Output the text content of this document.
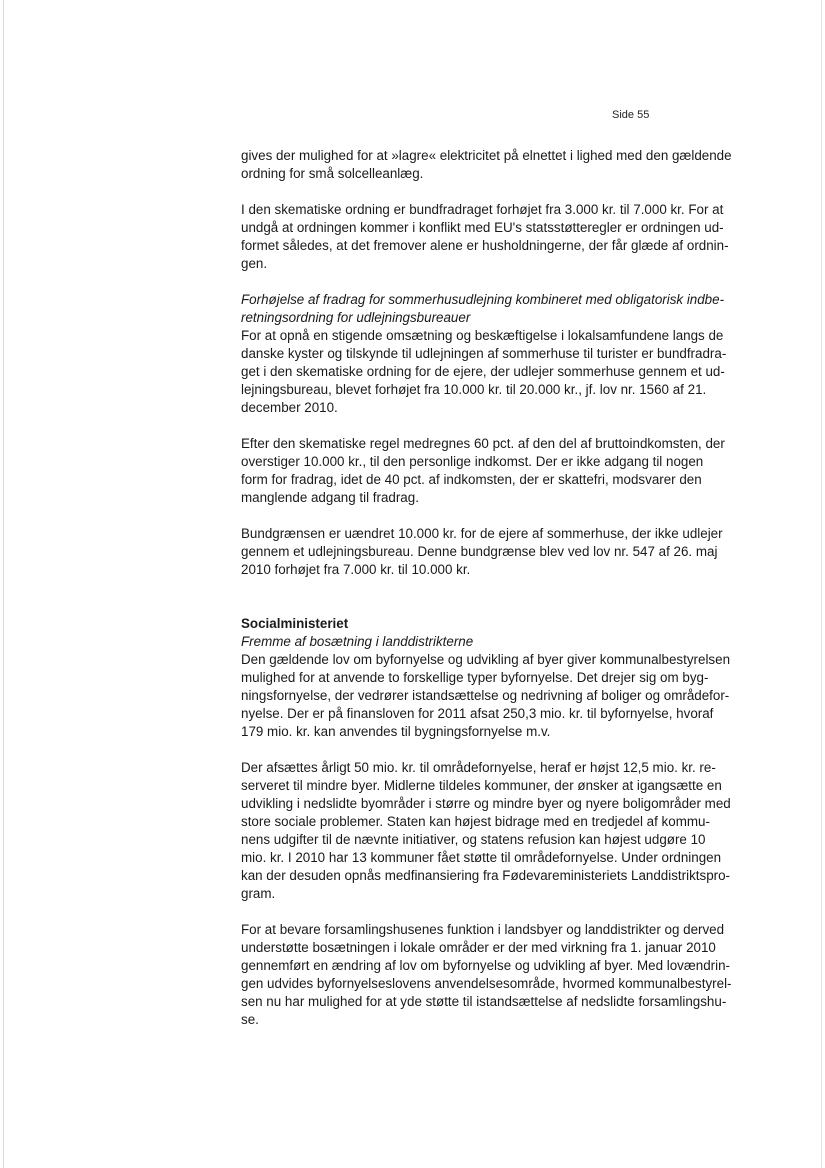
Side 55

gives der mulighed for at »lagre« elektricitet på elnettet i lighed med den gældende
ordning for små solcelleanlæg.

I den skematiske ordning er bundfradraget forhøjet fra 3.000 kr. til 7.000 kr. For at
undgå at ordningen kommer i konflikt med EU's statsstøtteregler er ordningen ud-
formet således, at det fremover alene er husholdningerne, der får glæde af ordnin-
gen.

Forhøjelse af fradrag for sommerhusudlejning kombineret med obligatorisk indbe-
retningsordning for udlejningsbureauer

For at opnå en stigende omsætning og beskæftigelse i lokalsamfundene langs de
danske kyster og tilskynde til udlejningen af sommerhuse til turister er bundfradra-
get i den skematiske ordning for de ejere, der udlejer sommerhuse gennem et ud-
lejningsbureau, blevet forhøjet fra 10.000 kr. til 20.000 kr., jf. lov nr. 1560 af 21.
december 2010.

Efter den skematiske regel medregnes 60 pct. af den del af bruttoindkomsten, der
overstiger 10.000 kr., til den personlige indkomst. Der er ikke adgang til nogen
form for fradrag, idet de 40 pct. af indkomsten, der er skattefri, modsvarer den
manglende adgang til fradrag.

Bundgrænsen er uændret 10.000 kr. for de ejere af sommerhuse, der ikke udlejer
gennem et udlejningsbureau. Denne bundgrænse blev ved lov nr. 547 af 26. maj
2010 forhøjet fra 7.000 kr. til 10.000 kr.

Socialministeriet

Fremme af bosætning i landdistrikterne

Den gældende lov om byfornyelse og udvikling af byer giver kommunalbestyrelsen
mulighed for at anvende to forskellige typer byfornyelse. Det drejer sig om byg-
ningsfornyelse, der vedrører istandsættelse og nedrivning af boliger og områdefor-
nyelse. Der er på finansloven for 2011 afsat 250,3 mio. kr. til byfornyelse, hvoraf
179 mio. kr. kan anvendes til bygningsfornyelse m.v.

Der afsættes årligt 50 mio. kr. til områdefornyelse, heraf er højst 12,5 mio. kr. re-
serveret til mindre byer. Midlerne tildeles kommuner, der ønsker at igangsætte en
udvikling i nedslidte byområder i større og mindre byer og nyere boligområder med
store sociale problemer. Staten kan højest bidrage med en tredjedel af kommu-
nens udgifter til de nævnte initiativer, og statens refusion kan højest udgøre 10
mio. kr. I 2010 har 13 kommuner fået støtte til områdefornyelse. Under ordningen
kan der desuden opnås medfinansiering fra Fødevareministeriets Landdistriktspro-
gram.

For at bevare forsamlingshusenes funktion i landsbyer og landdistrikter og derved
understøtte bosætningen i lokale områder er der med virkning fra 1. januar 2010
gennemført en ændring af lov om byfornyelse og udvikling af byer. Med lovændrin-
gen udvides byfornyelseslovens anvendelsesområde, hvormed kommunalbestyrel-
sen nu har mulighed for at yde støtte til istandsættelse af nedslidte forsamlingshu-
se.
